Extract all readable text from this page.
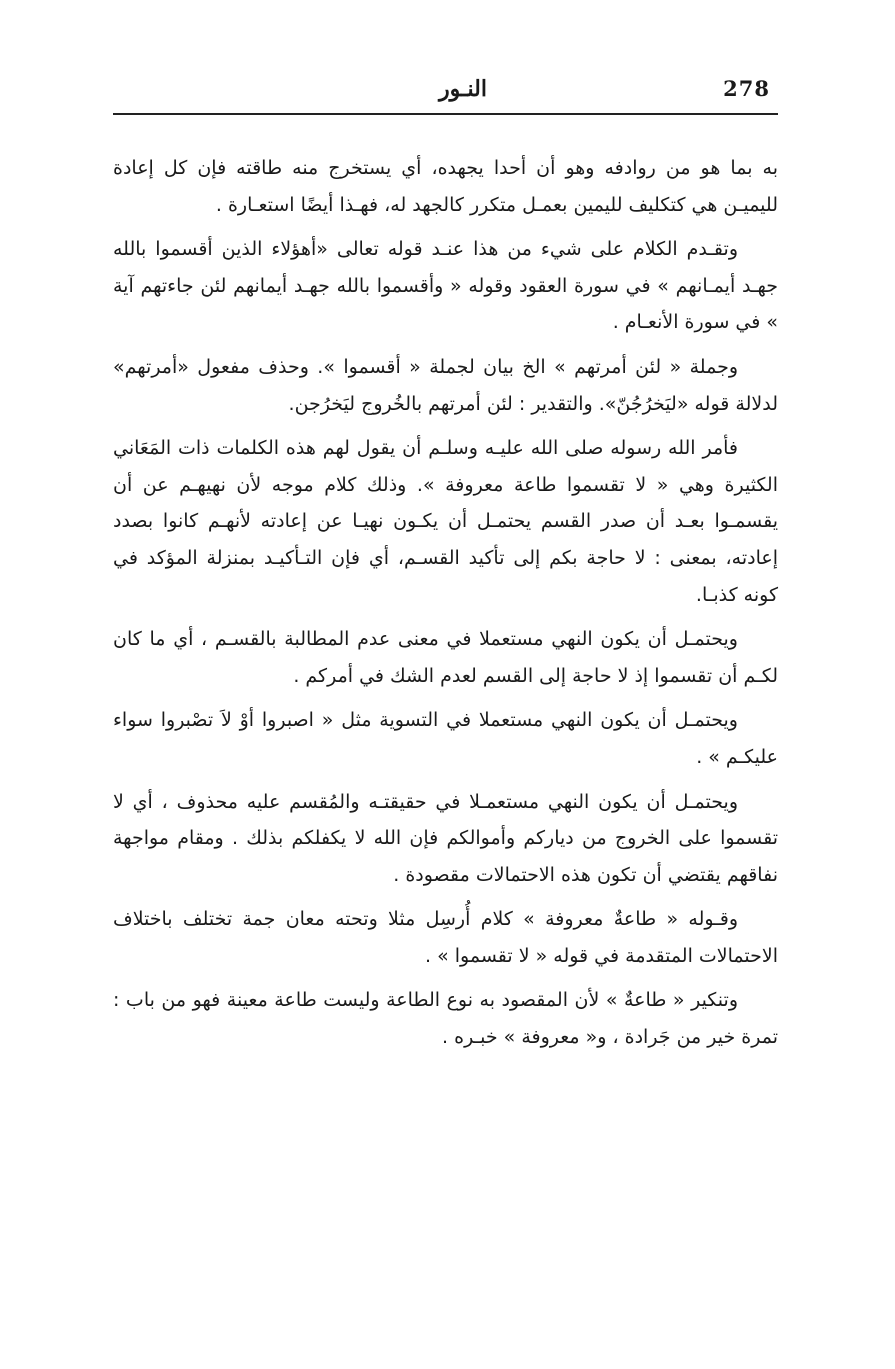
278
النـور

به بما هو من روادفه وهو أن أحدا يجهده، أي يستخرج منه طاقته فإن كل إعادة لليميـن هي كتكليف لليمين بعمـل متكرر كالجهد له، فهـذا أيضًا استعـارة .

وتقـدم الكلام على شيء من هذا عنـد قوله تعالى «أهؤلاء الذين أقسموا بالله جهـد أيمـانهم » في سورة العقود وقوله « وأقسموا بالله جهـد أيمانهم لئن جاءتهم آية » في سورة الأنعـام .

وجملة « لئن أمرتهم » الخ بيان لجملة « أقسموا ». وحذف مفعول «أمرتهم» لدلالة قوله «ليَخرُجُنّ». والتقدير : لئن أمرتهم بالخُروج ليَخرُجن.

فأمر الله رسوله صلى الله عليـه وسلـم أن يقول لهم هذه الكلمات ذات المَعَاني الكثيرة وهي « لا تقسموا طاعة معروفة ». وذلك كلام موجه لأن نهيهـم عن أن يقسمـوا بعـد أن صدر القسم يحتمـل أن يكـون نهيـا عن إعادته لأنهـم كانوا بصدد إعادته، بمعنى : لا حاجة بكم إلى تأكيد القسـم، أي فإن التـأكيـد بمنزلة المؤكد في كونه كذبـا.

ويحتمـل أن يكون النهي مستعملا في معنى عدم المطالبة بالقسـم ، أي ما كان لكـم أن تقسموا إذ لا حاجة إلى القسم لعدم الشك في أمركم .

ويحتمـل أن يكون النهي مستعملا في التسوية مثل « اصبروا أوْ لاَ تصْبروا سواء عليكـم » .

ويحتمـل أن يكون النهي مستعمـلا في حقيقتـه والمُقسم عليه محذوف ، أي لا تقسموا على الخروج من دياركم وأموالكم فإن الله لا يكفلكم بذلك . ومقام مواجهة نفاقهم يقتضي أن تكون هذه الاحتمالات مقصودة .

وقـوله « طاعةٌ معروفة » كلام أُرسِل مثلا وتحته معان جمة تختلف باختلاف الاحتمالات المتقدمة في قوله « لا تقسموا » .

وتنكير « طاعةٌ » لأن المقصود به نوع الطاعة وليست طاعة معينة فهو من باب : تمرة خير من جَرادة ، و« معروفة » خبـره .
